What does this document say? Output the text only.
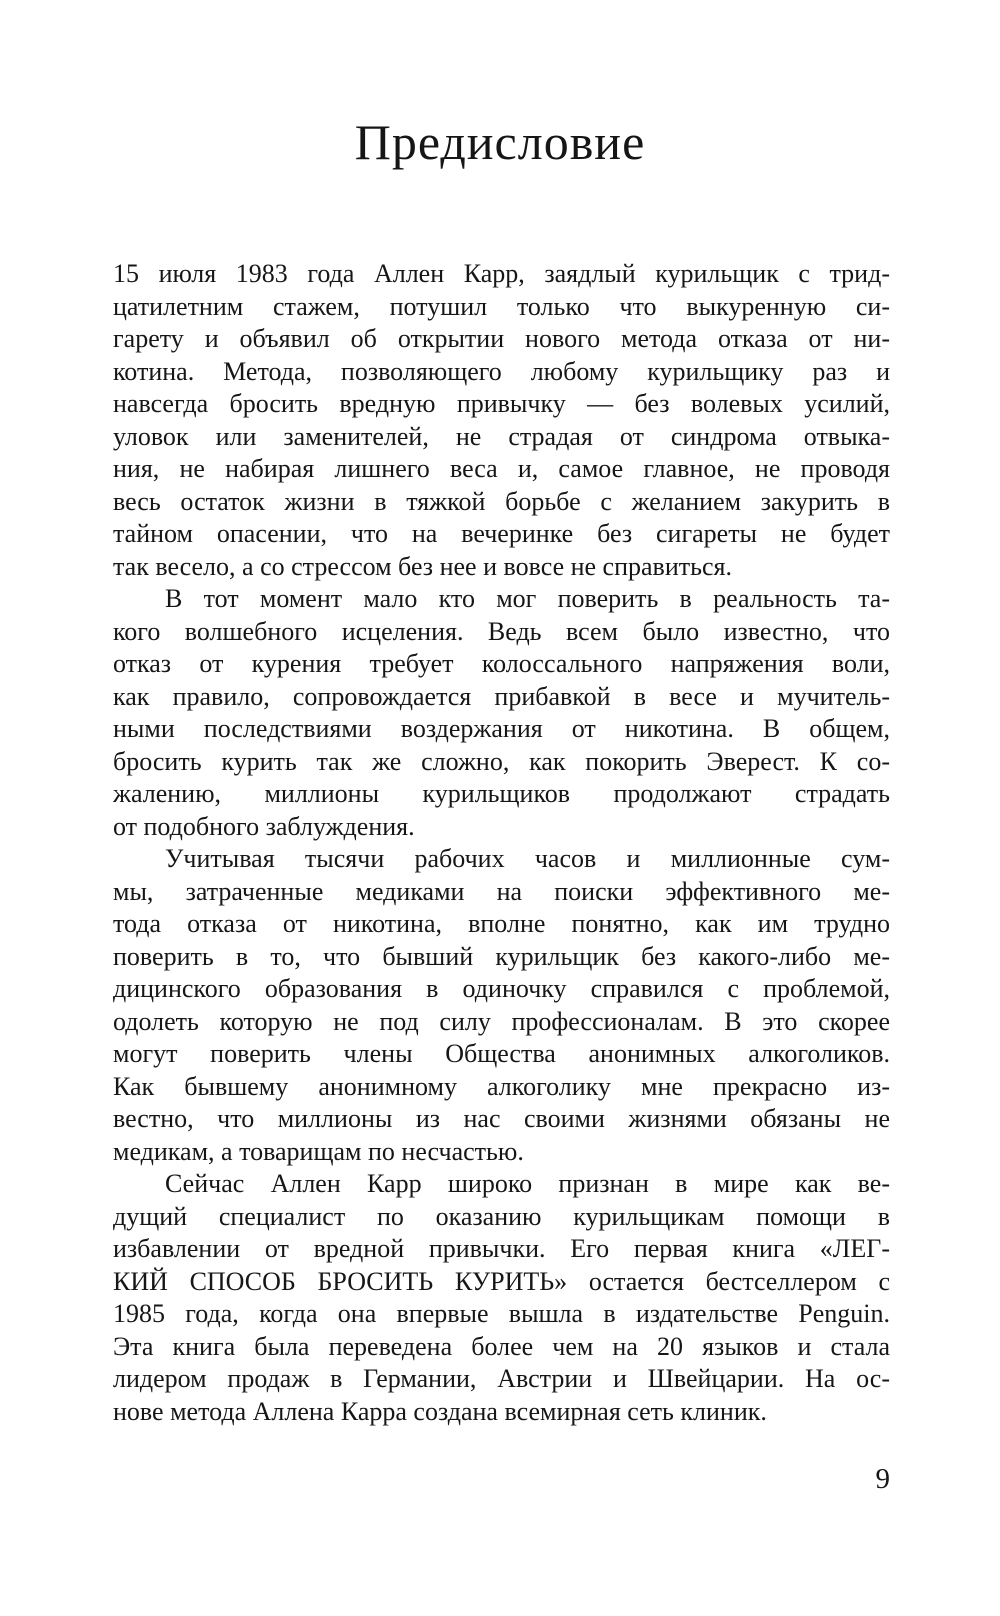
Предисловие
15 июля 1983 года Аллен Карр, заядлый курильщик с трид-
цатилетним стажем, потушил только что выкуренную си-
гарету и объявил об открытии нового метода отказа от ни-
котина. Метода, позволяющего любому курильщику раз и
навсегда бросить вредную привычку — без волевых усилий,
уловок или заменителей, не страдая от синдрома отвыка-
ния, не набирая лишнего веса и, самое главное, не проводя
весь остаток жизни в тяжкой борьбе с желанием закурить в
тайном опасении, что на вечеринке без сигареты не будет
так весело, а со стрессом без нее и вовсе не справиться.
В тот момент мало кто мог поверить в реальность та-
кого волшебного исцеления. Ведь всем было известно, что
отказ от курения требует колоссального напряжения воли,
как правило, сопровождается прибавкой в весе и мучитель-
ными последствиями воздержания от никотина. В общем,
бросить курить так же сложно, как покорить Эверест. К со-
жалению, миллионы курильщиков продолжают страдать
от подобного заблуждения.
Учитывая тысячи рабочих часов и миллионные сум-
мы, затраченные медиками на поиски эффективного ме-
тода отказа от никотина, вполне понятно, как им трудно
поверить в то, что бывший курильщик без какого-либо ме-
дицинского образования в одиночку справился с проблемой,
одолеть которую не под силу профессионалам. В это скорее
могут поверить члены Общества анонимных алкоголиков.
Как бывшему анонимному алкоголику мне прекрасно из-
вестно, что миллионы из нас своими жизнями обязаны не
медикам, а товарищам по несчастью.
Сейчас Аллен Карр широко признан в мире как ве-
дущий специалист по оказанию курильщикам помощи в
избавлении от вредной привычки. Его первая книга «ЛЕГ-
КИЙ СПОСОБ БРОСИТЬ КУРИТЬ» остается бестселлером с
1985 года, когда она впервые вышла в издательстве Penguin.
Эта книга была переведена более чем на 20 языков и стала
лидером продаж в Германии, Австрии и Швейцарии. На ос-
нове метода Аллена Карра создана всемирная сеть клиник.
9
